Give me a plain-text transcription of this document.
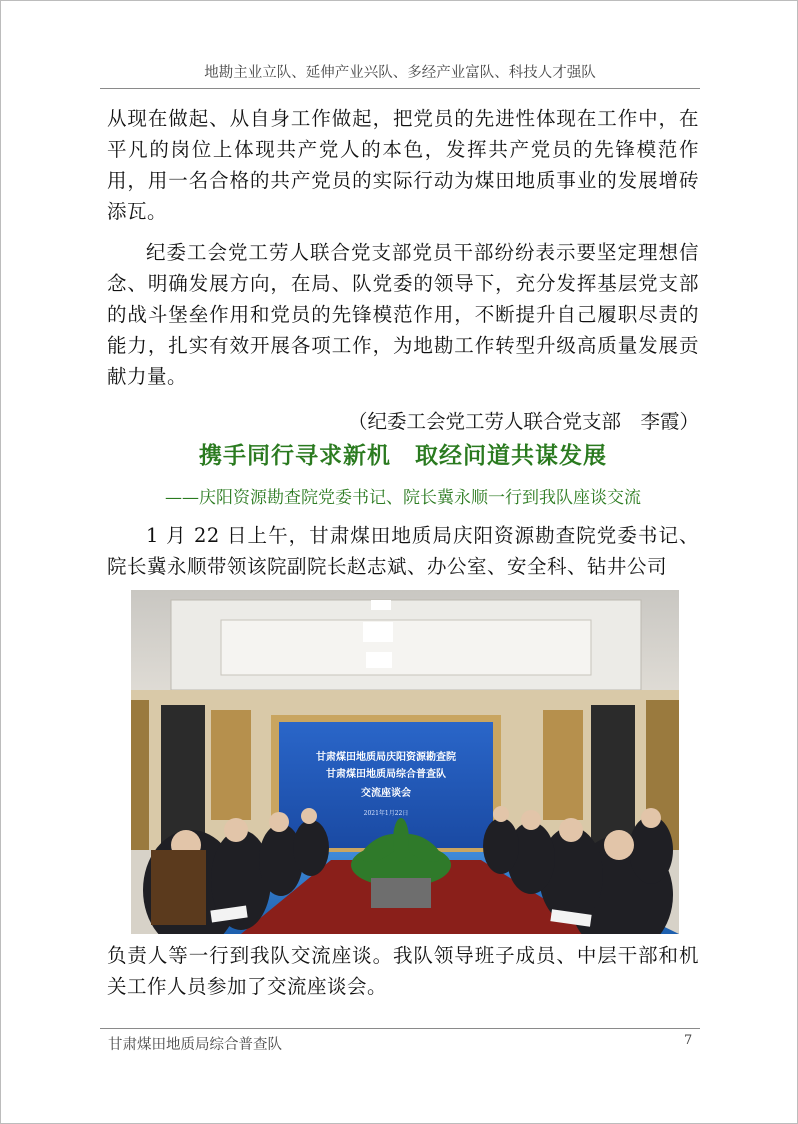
地勘主业立队、延伸产业兴队、多经产业富队、科技人才强队
从现在做起、从自身工作做起，把党员的先进性体现在工作中，在平凡的岗位上体现共产党人的本色，发挥共产党员的先锋模范作用，用一名合格的共产党员的实际行动为煤田地质事业的发展增砖添瓦。
纪委工会党工劳人联合党支部党员干部纷纷表示要坚定理想信念、明确发展方向，在局、队党委的领导下，充分发挥基层党支部的战斗堡垒作用和党员的先锋模范作用，不断提升自己履职尽责的能力，扎实有效开展各项工作，为地勘工作转型升级高质量发展贡献力量。
（纪委工会党工劳人联合党支部　李霞）
携手同行寻求新机　取经问道共谋发展
——庆阳资源勘查院党委书记、院长冀永顺一行到我队座谈交流
1 月 22 日上午，甘肃煤田地质局庆阳资源勘查院党委书记、院长冀永顺带领该院副院长赵志斌、办公室、安全科、钻井公司
甘肃煤田地质局庆阳资源勘查院
甘肃煤田地质局综合普查队
交流座谈会
2021年1月22日
负责人等一行到我队交流座谈。我队领导班子成员、中层干部和机关工作人员参加了交流座谈会。
甘肃煤田地质局综合普查队	7
